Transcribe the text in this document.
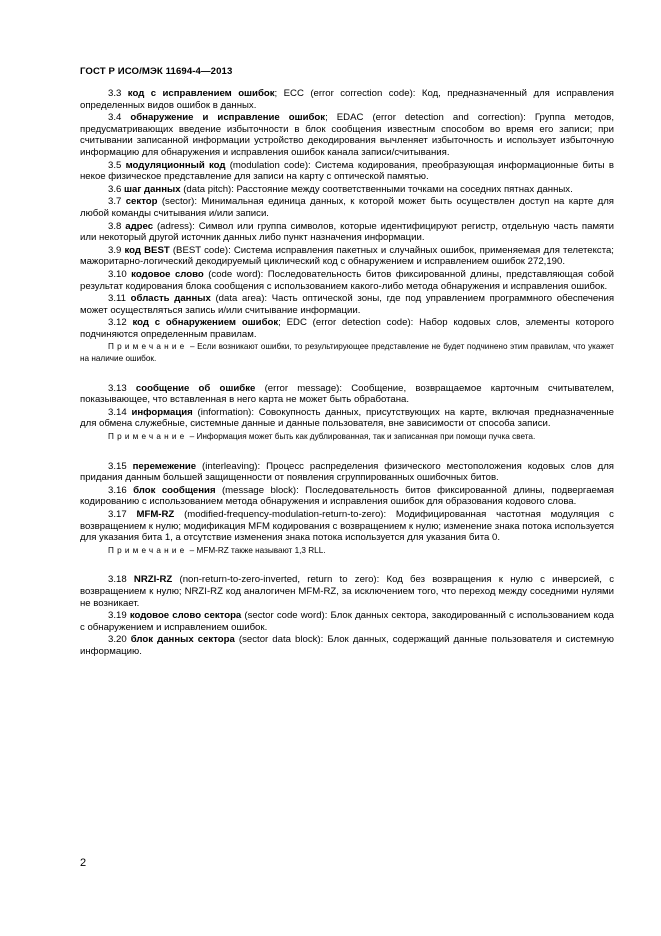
ГОСТ Р ИСО/МЭК 11694-4—2013

3.3 код с исправлением ошибок; ECC (error correction code): Код, предназначенный для исправления определенных видов ошибок в данных.

3.4 обнаружение и исправление ошибок; EDAC (error detection and correction): Группа методов, предусматривающих введение избыточности в блок сообщения известным способом во время его записи; при считывании записанной информации устройство декодирования вычленяет избыточность и использует избыточную информацию для обнаружения и исправления ошибок канала записи/считывания.

3.5 модуляционный код (modulation code): Система кодирования, преобразующая информационные биты в некое физическое представление для записи на карту с оптической памятью.

3.6 шаг данных (data pitch): Расстояние между соответственными точками на соседних пятнах данных.

3.7 сектор (sector): Минимальная единица данных, к которой может быть осуществлен доступ на карте для любой команды считывания и/или записи.

3.8 адрес (adress): Символ или группа символов, которые идентифицируют регистр, отдельную часть памяти или некоторый другой источник данных либо пункт назначения информации.

3.9 код BEST (BEST code): Система исправления пакетных и случайных ошибок, применяемая для телетекста; мажоритарно-логический декодируемый циклический код с обнаружением и исправлением ошибок 272,190.

3.10 кодовое слово (code word): Последовательность битов фиксированной длины, представляющая собой результат кодирования блока сообщения с использованием какого-либо метода обнаружения и исправления ошибок.

3.11 область данных (data area): Часть оптической зоны, где под управлением программного обеспечения может осуществляться запись и/или считывание информации.

3.12 код с обнаружением ошибок; EDC (error detection code): Набор кодовых слов, элементы которого подчиняются определенным правилам.

Примечание – Если возникают ошибки, то результирующее представление не будет подчинено этим правилам, что укажет на наличие ошибок.

3.13 сообщение об ошибке (error message): Сообщение, возвращаемое карточным считывателем, показывающее, что вставленная в него карта не может быть обработана.

3.14 информация (information): Совокупность данных, присутствующих на карте, включая предназначенные для обмена служебные, системные данные и данные пользователя, вне зависимости от способа записи.

Примечание – Информация может быть как дублированная, так и записанная при помощи пучка света.

3.15 перемежение (interleaving): Процесс распределения физического местоположения кодовых слов для придания данным большей защищенности от появления сгруппированных ошибочных битов.

3.16 блок сообщения (message block): Последовательность битов фиксированной длины, подвергаемая кодированию с использованием метода обнаружения и исправления ошибок для образования кодового слова.

3.17 MFM-RZ (modified-frequency-modulation-return-to-zero): Модифицированная частотная модуляция с возвращением к нулю; модификация MFM кодирования с возвращением к нулю; изменение знака потока используется для указания бита 1, а отсутствие изменения знака потока используется для указания бита 0.

Примечание – MFM-RZ также называют 1,3 RLL.

3.18 NRZI-RZ (non-return-to-zero-inverted, return to zero): Код без возвращения к нулю с инверсией, с возвращением к нулю; NRZI-RZ код аналогичен MFM-RZ, за исключением того, что переход между соседними нулями не возникает.

3.19 кодовое слово сектора (sector code word): Блок данных сектора, закодированный с использованием кода с обнаружением и исправлением ошибок.

3.20 блок данных сектора (sector data block): Блок данных, содержащий данные пользователя и системную информацию.

2
